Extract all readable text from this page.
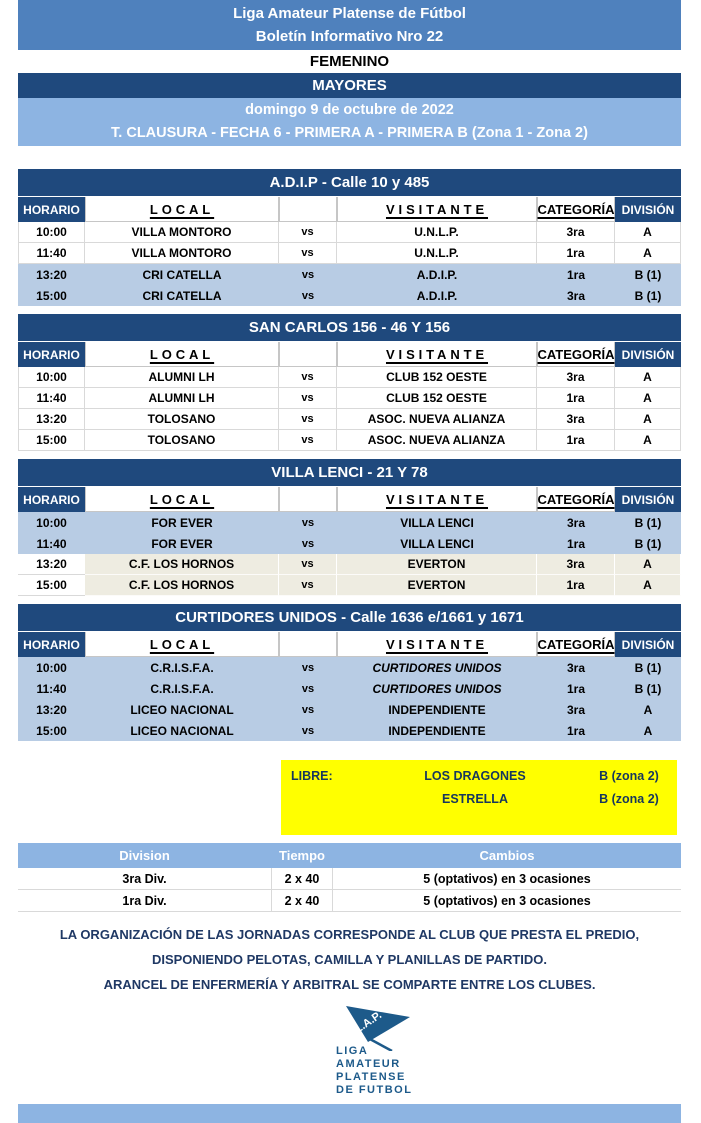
Liga Amateur Platense de Fútbol
Boletín Informativo Nro 22
FEMENINO
MAYORES
domingo 9 de octubre de 2022
T. CLAUSURA - FECHA 6 - PRIMERA A - PRIMERA B (Zona 1 - Zona 2)
A.D.I.P - Calle 10 y 485
HORARIO	LOCAL	VISITANTE	CATEGORÍA DIVISIÓN
10:00	VILLA MONTORO	vs	U.N.L.P.	3ra	A
11:40	VILLA MONTORO	vs	U.N.L.P.	1ra	A
13:20	CRI CATELLA	vs	A.D.I.P.	1ra	B (1)
15:00	CRI CATELLA	vs	A.D.I.P.	3ra	B (1)
SAN CARLOS 156 - 46 Y 156
HORARIO	LOCAL	VISITANTE	CATEGORÍA DIVISIÓN
10:00	ALUMNI LH	vs	CLUB 152 OESTE	3ra	A
11:40	ALUMNI LH	vs	CLUB 152 OESTE	1ra	A
13:20	TOLOSANO	vs	ASOC. NUEVA ALIANZA	3ra	A
15:00	TOLOSANO	vs	ASOC. NUEVA ALIANZA	1ra	A
VILLA LENCI - 21 Y 78
HORARIO	LOCAL	VISITANTE	CATEGORÍA DIVISIÓN
10:00	FOR EVER	vs	VILLA LENCI	3ra	B (1)
11:40	FOR EVER	vs	VILLA LENCI	1ra	B (1)
13:20	C.F. LOS HORNOS	vs	EVERTON	3ra	A
15:00	C.F. LOS HORNOS	vs	EVERTON	1ra	A
CURTIDORES UNIDOS - Calle 1636 e/1661 y 1671
HORARIO	LOCAL	VISITANTE	CATEGORÍA DIVISIÓN
10:00	C.R.I.S.F.A.	vs	CURTIDORES UNIDOS	3ra	B (1)
11:40	C.R.I.S.F.A.	vs	CURTIDORES UNIDOS	1ra	B (1)
13:20	LICEO NACIONAL	vs	INDEPENDIENTE	3ra	A
15:00	LICEO NACIONAL	vs	INDEPENDIENTE	1ra	A
LIBRE:	LOS DRAGONES	B (zona 2)
ESTRELLA	B (zona 2)
Division	Tiempo	Cambios
3ra Div.	2 x 40	5 (optativos) en 3 ocasiones
1ra Div.	2 x 40	5 (optativos) en 3 ocasiones
LA ORGANIZACIÓN DE LAS JORNADAS CORRESPONDE AL CLUB QUE PRESTA EL PREDIO,
DISPONIENDO PELOTAS, CAMILLA Y PLANILLAS DE PARTIDO.
ARANCEL DE ENFERMERÍA Y ARBITRAL SE COMPARTE ENTRE LOS CLUBES.
L.A.P.
LIGA
AMATEUR
PLATENSE
DE FUTBOL
